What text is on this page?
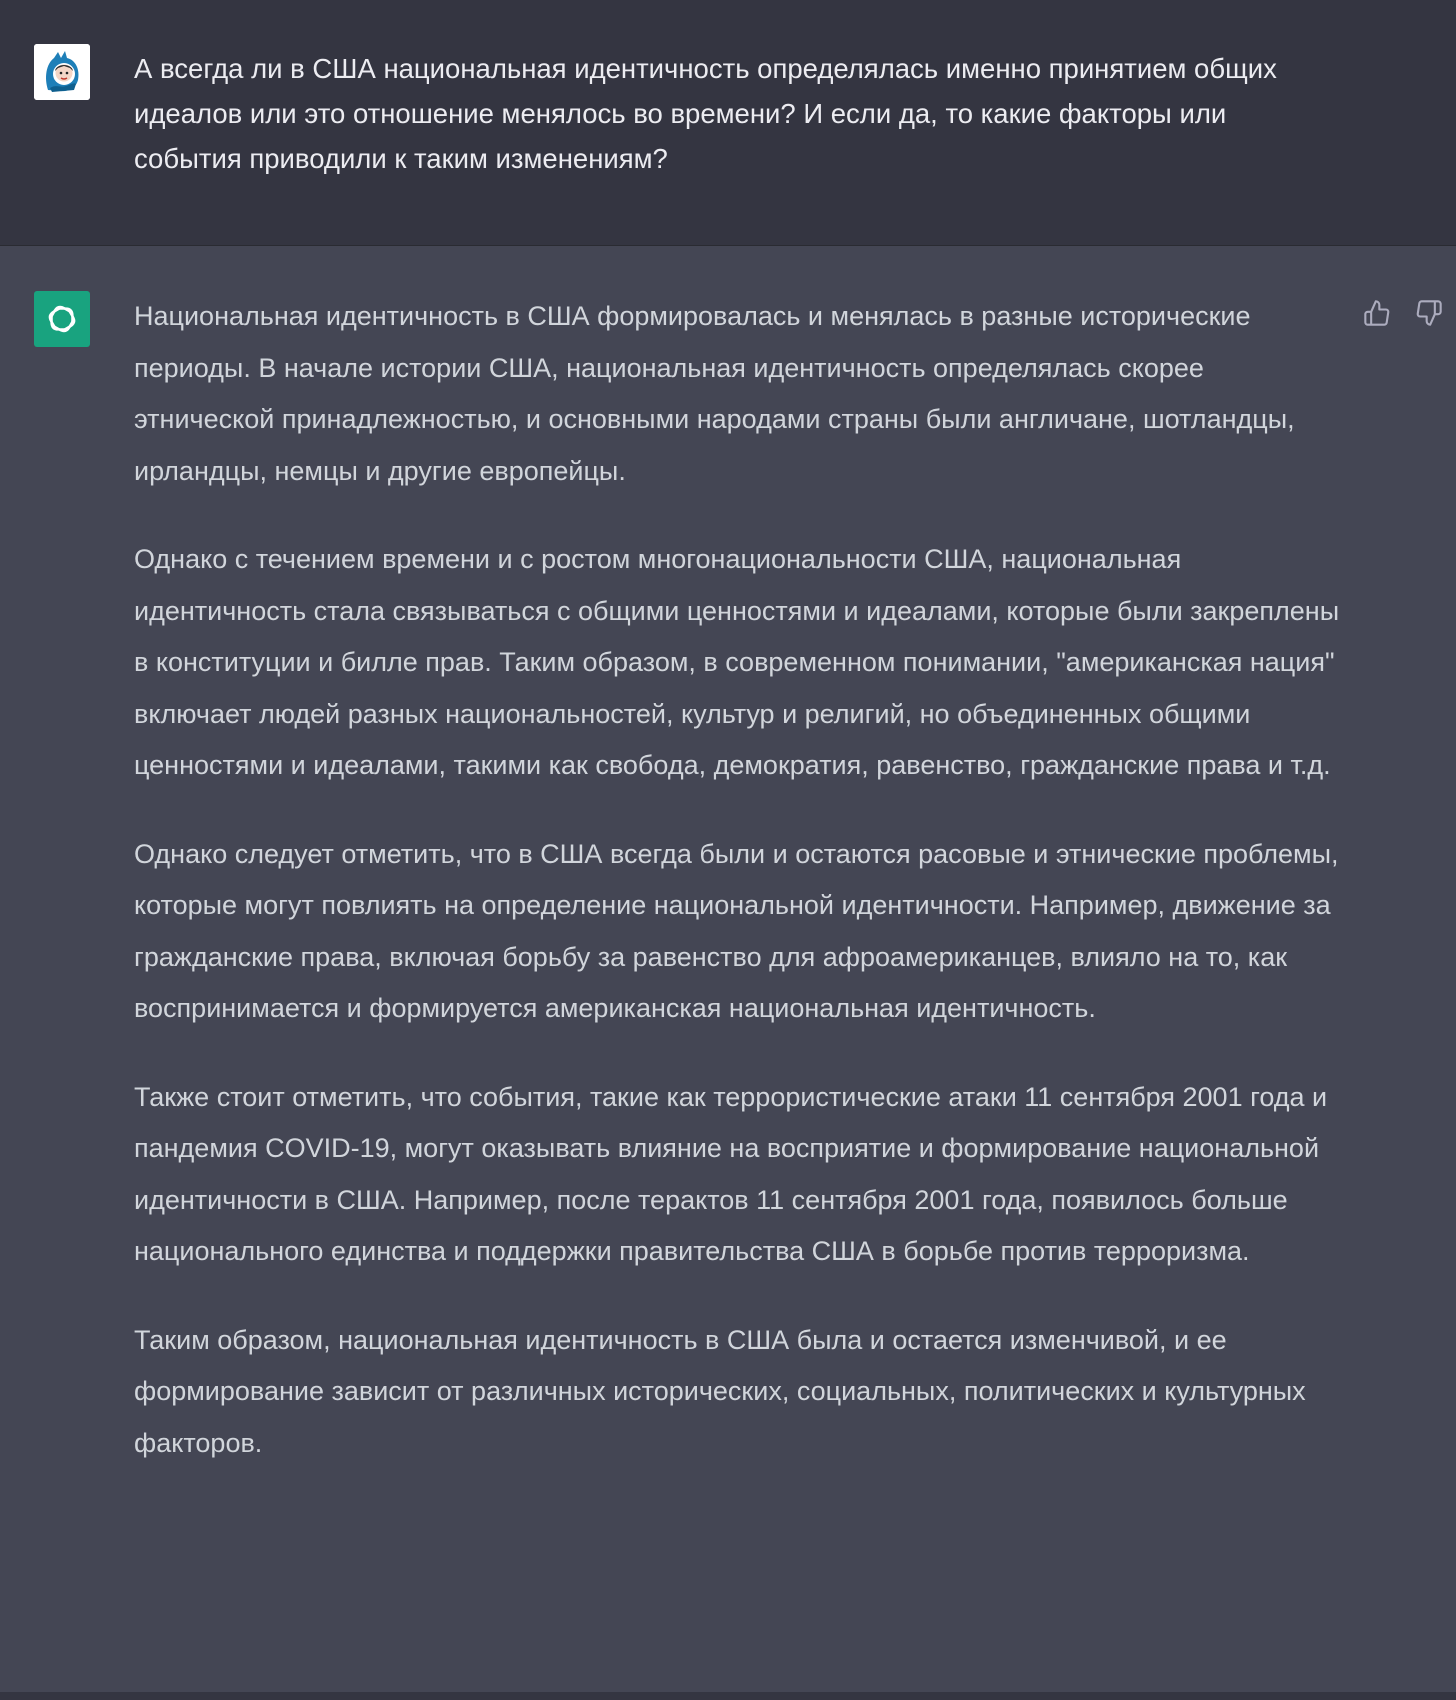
А всегда ли в США национальная идентичность определялась именно принятием общих идеалов или это отношение менялось во времени? И если да, то какие факторы или события приводили к таким изменениям?

Национальная идентичность в США формировалась и менялась в разные исторические периоды. В начале истории США, национальная идентичность определялась скорее этнической принадлежностью, и основными народами страны были англичане, шотландцы, ирландцы, немцы и другие европейцы.

Однако с течением времени и с ростом многонациональности США, национальная идентичность стала связываться с общими ценностями и идеалами, которые были закреплены в конституции и билле прав. Таким образом, в современном понимании, "американская нация" включает людей разных национальностей, культур и религий, но объединенных общими ценностями и идеалами, такими как свобода, демократия, равенство, гражданские права и т.д.

Однако следует отметить, что в США всегда были и остаются расовые и этнические проблемы, которые могут повлиять на определение национальной идентичности. Например, движение за гражданские права, включая борьбу за равенство для афроамериканцев, влияло на то, как воспринимается и формируется американская национальная идентичность.

Также стоит отметить, что события, такие как террористические атаки 11 сентября 2001 года и пандемия COVID-19, могут оказывать влияние на восприятие и формирование национальной идентичности в США. Например, после терактов 11 сентября 2001 года, появилось больше национального единства и поддержки правительства США в борьбе против терроризма.

Таким образом, национальная идентичность в США была и остается изменчивой, и ее формирование зависит от различных исторических, социальных, политических и культурных факторов.
